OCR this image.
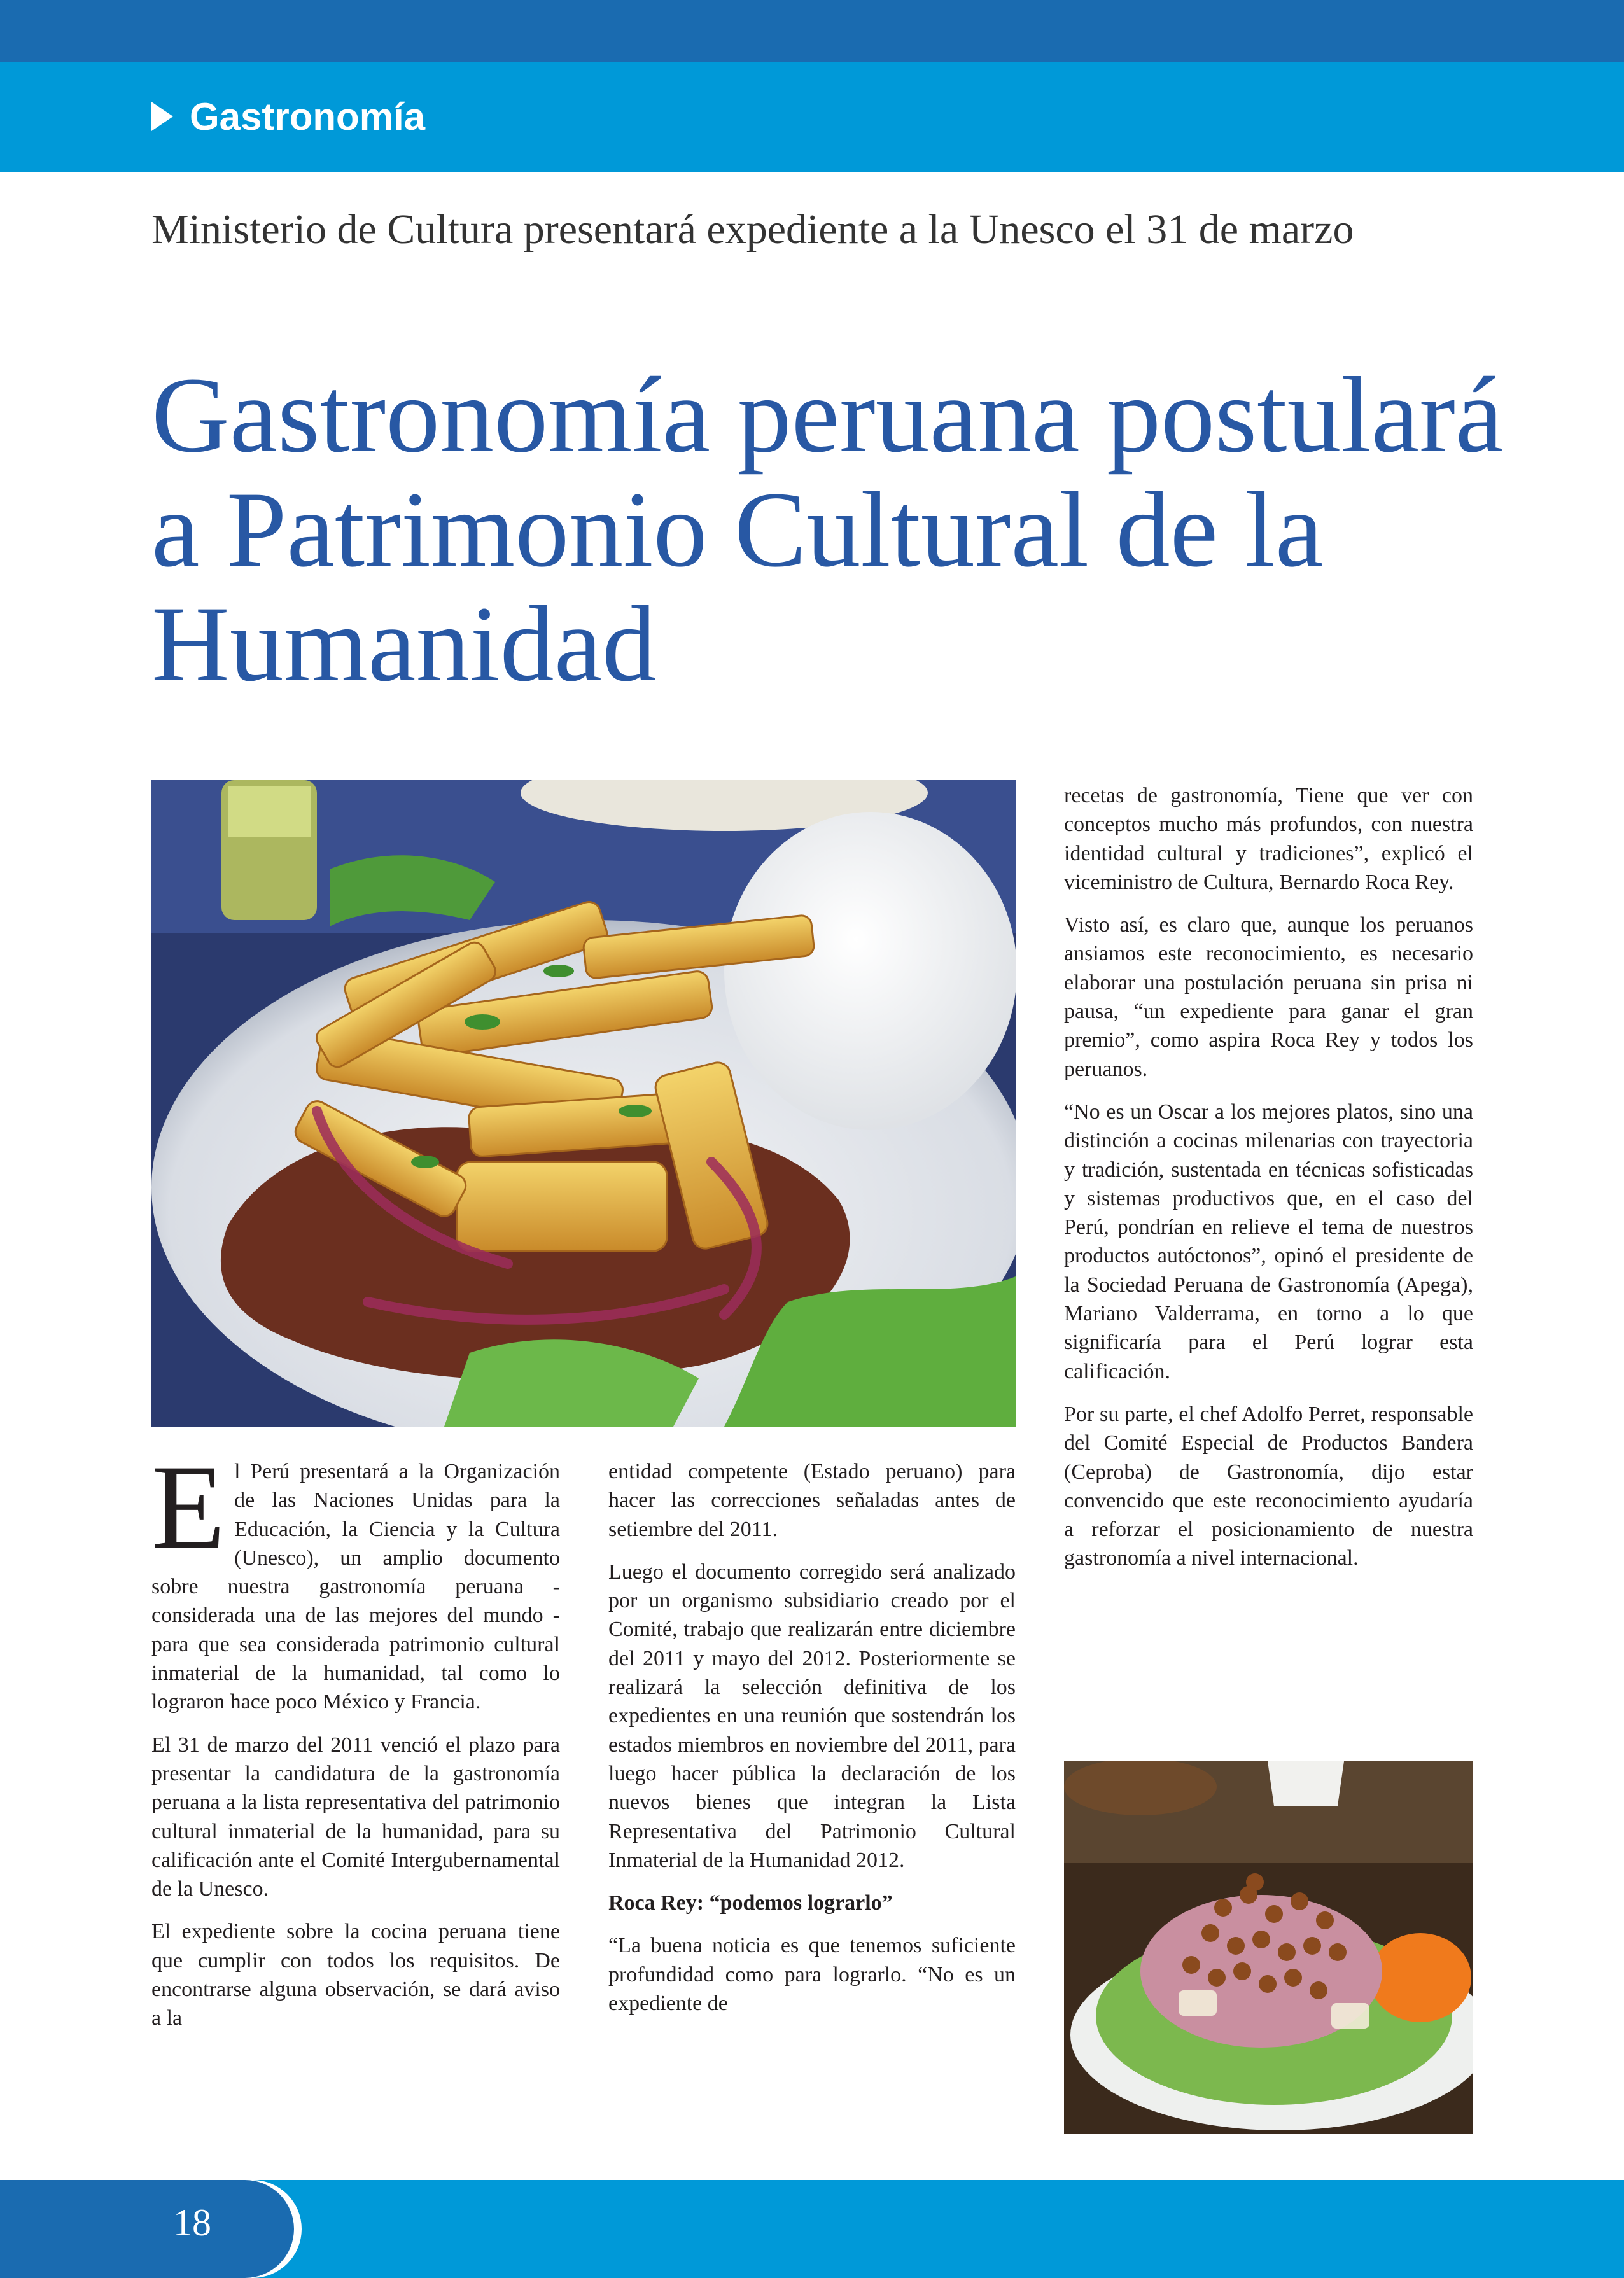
Gastronomía
Ministerio de Cultura presentará expediente a la Unesco el 31 de marzo
Gastronomía peruana postulará a Patrimonio Cultural de la Humanidad

El Perú presentará a la Organización de las Naciones Unidas para la Educación, la Ciencia y la Cultura (Unesco), un amplio documento sobre nuestra gastronomía peruana - considerada una de las mejores del mundo - para que sea considerada patrimonio cultural inmaterial de la humanidad, tal como lo lograron hace poco México y Francia.

El 31 de marzo del 2011 venció el plazo para presentar la candidatura de la gastronomía peruana a la lista representativa del patrimonio cultural inmaterial de la humanidad, para su calificación ante el Comité Intergubernamental de la Unesco.

El expediente sobre la cocina peruana tiene que cumplir con todos los requisitos. De encontrarse alguna observación, se dará aviso a la

entidad competente (Estado peruano) para hacer las correcciones señaladas antes de setiembre del 2011.

Luego el documento corregido será analizado por un organismo subsidiario creado por el Comité, trabajo que realizarán entre diciembre del 2011 y mayo del 2012. Posteriormente se realizará la selección definitiva de los expedientes en una reunión que sostendrán los estados miembros en noviembre del 2011, para luego hacer pública la declaración de los nuevos bienes que integran la Lista Representativa del Patrimonio Cultural Inmaterial de la Humanidad 2012.

Roca Rey: “podemos lograrlo”

“La buena noticia es que tenemos suficiente profundidad como para lograrlo. “No es un expediente de

recetas de gastronomía, Tiene que ver con conceptos mucho más profundos, con nuestra identidad cultural y tradiciones”, explicó el viceministro de Cultura, Bernardo Roca Rey.

Visto así, es claro que, aunque los peruanos ansiamos este reconocimiento, es necesario elaborar una postulación peruana sin prisa ni pausa, “un expediente para ganar el gran premio”, como aspira Roca Rey y todos los peruanos.

“No es un Oscar a los mejores platos, sino una distinción a cocinas milenarias con trayectoria y tradición, sustentada en técnicas sofisticadas y sistemas productivos que, en el caso del Perú, pondrían en relieve el tema de nuestros productos autóctonos”, opinó el presidente de la Sociedad Peruana de Gastronomía (Apega), Mariano Valderrama, en torno a lo que significaría para el Perú lograr esta calificación.

Por su parte, el chef Adolfo Perret, responsable del Comité Especial de Productos Bandera (Ceproba) de Gastronomía, dijo estar convencido que este reconocimiento ayudaría a reforzar el posicionamiento de nuestra gastronomía a nivel internacional.

18
